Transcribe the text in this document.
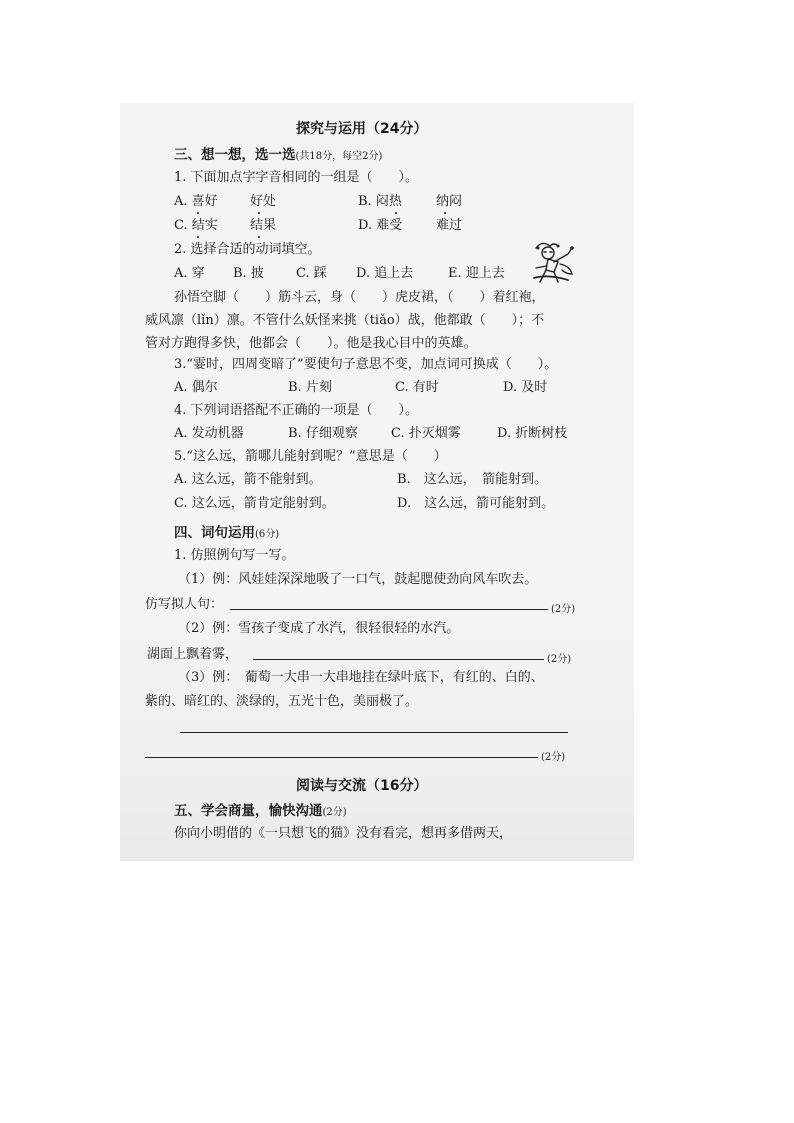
探究与运用（24分）
三、想一想，选一选(共18分，每空2分)
1. 下面加点字字音相同的一组是（　　）。
A. 喜好 好处	B. 闷热	纳闷
C. 结实 结果	D. 难受	难过
2. 选择合适的动词填空。
A. 穿 B. 披 C. 踩 D. 追上去	E. 迎上去
孙悟空脚（　　）筋斗云，身（　　）虎皮裙，（　　）着红袍，
威风凛（lǐn）凛。不管什么妖怪来挑（tiǎo）战，他都敢（　　）；不
管对方跑得多快，他都会（　　）。他是我心目中的英雄。
3.“霎时，四周变暗了”要使句子意思不变，加点词可换成（　　）。
A. 偶尔	B. 片刻	C. 有时	D. 及时
4. 下列词语搭配不正确的一项是（　　）。
A. 发动机器	B. 仔细观察	C. 扑灭烟雾	D. 折断树枝
5.“这么远，箭哪儿能射到呢？”意思是（　　）
A. 这么远，箭不能射到。	B.　这么远，　箭能射到。
C. 这么远，箭肯定能射到。	D.　这么远，箭可能射到。
四、词句运用(6分)
1. 仿照例句写一写。
（1）例：风娃娃深深地吸了一口气，鼓起腮使劲向风车吹去。
仿写拟人句：	(2分)
（2）例：雪孩子变成了水汽，很轻很轻的水汽。
湖面上飘着雾，	(2分)
（3）例：　葡萄一大串一大串地挂在绿叶底下，有红的、白的、
紫的、暗红的、淡绿的，五光十色，美丽极了。
(2分)
阅读与交流（16分）
五、学会商量，愉快沟通(2分)
你向小明借的《一只想飞的猫》没有看完，想再多借两天，
